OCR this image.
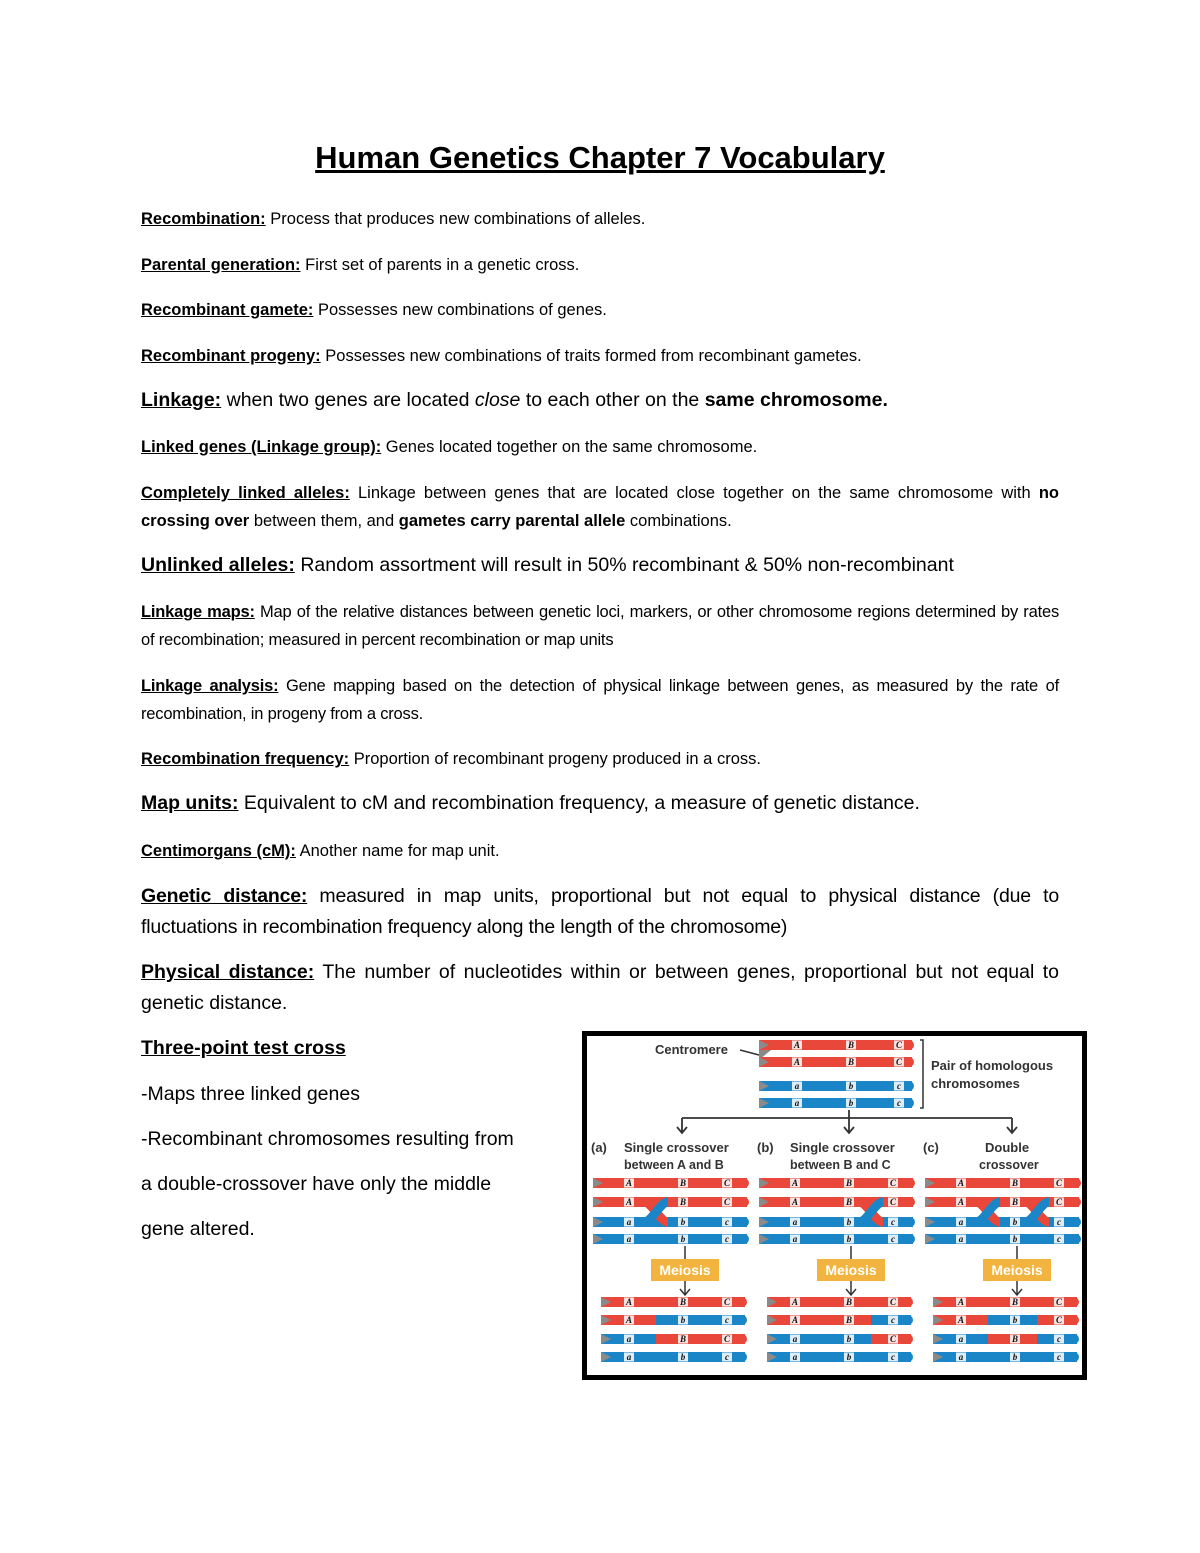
Human Genetics Chapter 7 Vocabulary
Recombination: Process that produces new combinations of alleles.
Parental generation: First set of parents in a genetic cross.
Recombinant gamete: Possesses new combinations of genes.
Recombinant progeny: Possesses new combinations of traits formed from recombinant gametes.
Linkage: when two genes are located close to each other on the same chromosome.
Linked genes (Linkage group): Genes located together on the same chromosome.
Completely linked alleles: Linkage between genes that are located close together on the same chromosome with no crossing over between them, and gametes carry parental allele combinations.
Unlinked alleles: Random assortment will result in 50% recombinant & 50% non-recombinant
Linkage maps: Map of the relative distances between genetic loci, markers, or other chromosome regions determined by rates of recombination; measured in percent recombination or map units
Linkage analysis: Gene mapping based on the detection of physical linkage between genes, as measured by the rate of recombination, in progeny from a cross.
Recombination frequency: Proportion of recombinant progeny produced in a cross.
Map units: Equivalent to cM and recombination frequency, a measure of genetic distance.
Centimorgans (cM): Another name for map unit.
Genetic distance: measured in map units, proportional but not equal to physical distance (due to fluctuations in recombination frequency along the length of the chromosome)
Physical distance: The number of nucleotides within or between genes, proportional but not equal to genetic distance.
Three-point test cross
-Maps three linked genes
-Recombinant chromosomes resulting from
a double-crossover have only the middle
gene altered.
Centromere
Pair of homologous
chromosomes
(a) Single crossover
between A and B
(b) Single crossover
between B and C
(c)	Double
crossover
A	B	C
A	B	C
a	b	c
a	b	c
A	B	C
A	B	C
a	b	c
a	b	c
Meiosis
A	B	C
A	b	c
a	B	C
a	b	c
A	B	C
A	B	C
a	b	c
a	b	c
Meiosis
A	B	C
A	B	c
a	b	C
a	b	c
A	B	C
A	B	C
a	b	c
a	b	c
Meiosis
A	B	C
A	b	C
a	B	c
a	b	c
